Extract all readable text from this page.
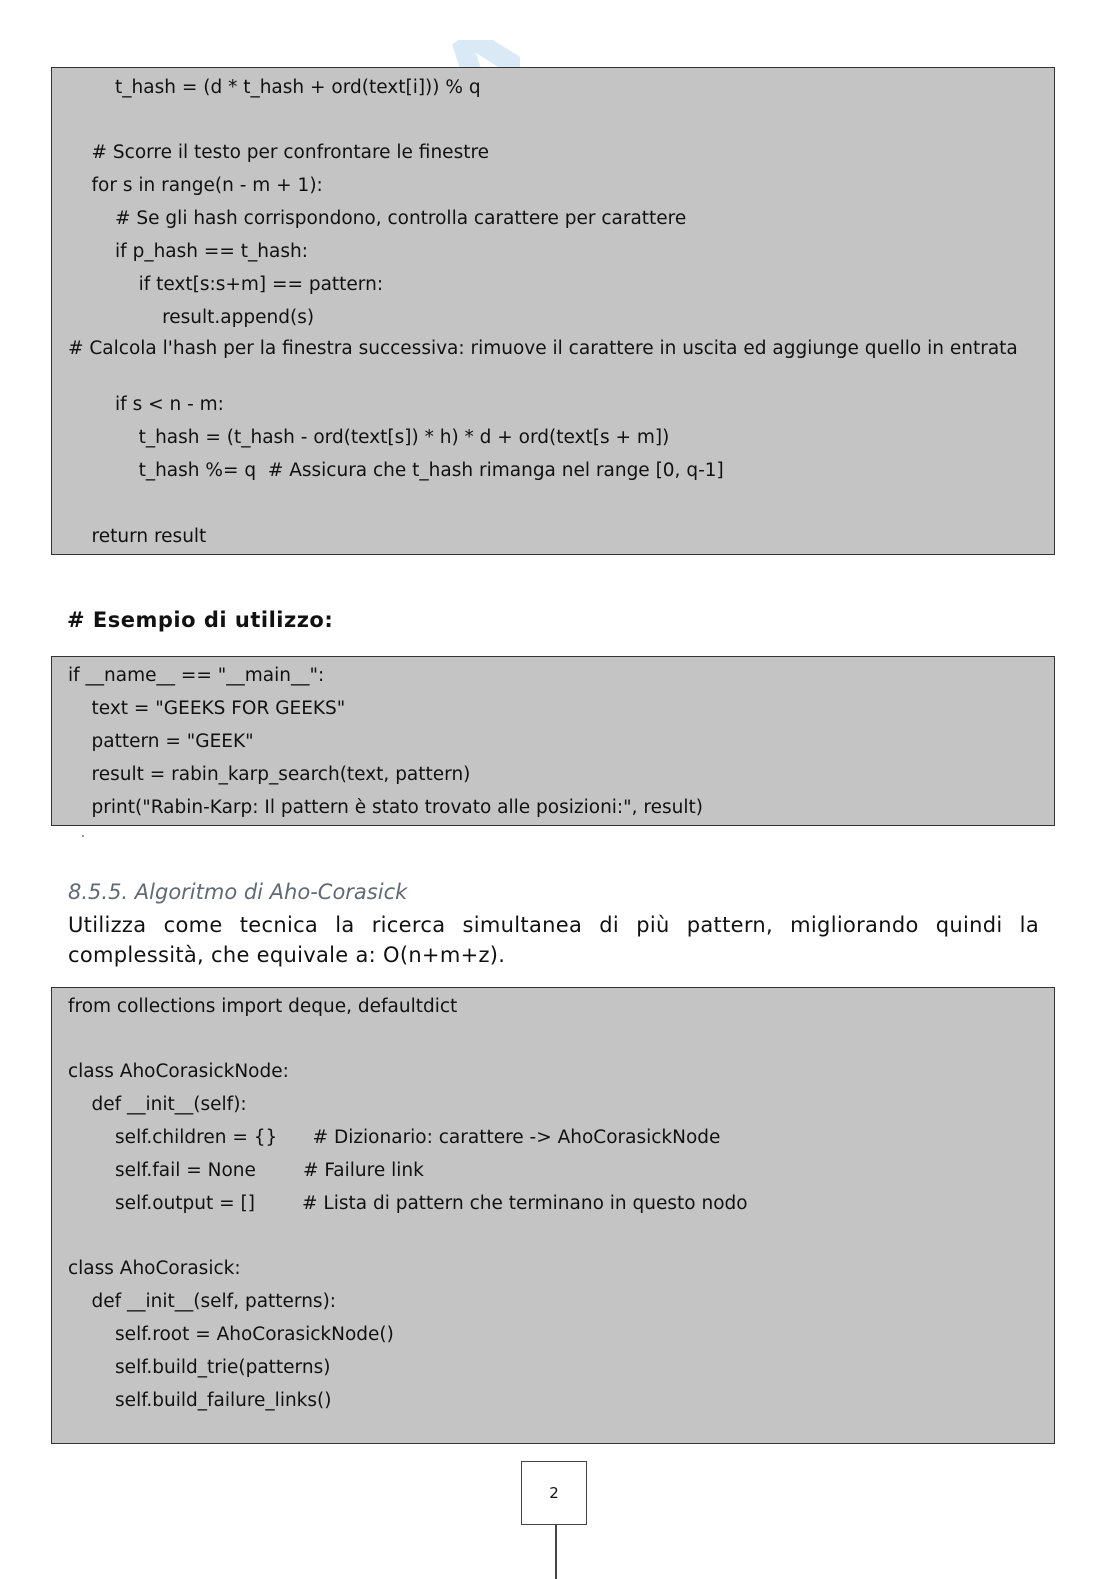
t_hash = (d * t_hash + ord(text[i])) % q
# Scorre il testo per confrontare le finestre
for s in range(n - m + 1):
# Se gli hash corrispondono, controlla carattere per carattere
if p_hash == t_hash:
if text[s:s+m] == pattern:
result.append(s)
# Calcola l'hash per la finestra successiva: rimuove il carattere in uscita ed aggiunge quello in entrata
if s < n - m:
t_hash = (t_hash - ord(text[s]) * h) * d + ord(text[s + m])
t_hash %= q  # Assicura che t_hash rimanga nel range [0, q-1]
return result
# Esempio di utilizzo:
if __name__ == "__main__":
text = "GEEKS FOR GEEKS"
pattern = "GEEK"
result = rabin_karp_search(text, pattern)
print("Rabin-Karp: Il pattern è stato trovato alle posizioni:", result)
8.5.5. Algoritmo di Aho-Corasick

Utilizza come tecnica la ricerca simultanea di più pattern, migliorando quindi la complessità, che equivale a: O(n+m+z).

from collections import deque, defaultdict
class AhoCorasickNode:
def __init__(self):
self.children = {}      # Dizionario: carattere -> AhoCorasickNode
self.fail = None        # Failure link
self.output = []        # Lista di pattern che terminano in questo nodo
class AhoCorasick:
def __init__(self, patterns):
self.root = AhoCorasickNode()
self.build_trie(patterns)
self.build_failure_links()
2
